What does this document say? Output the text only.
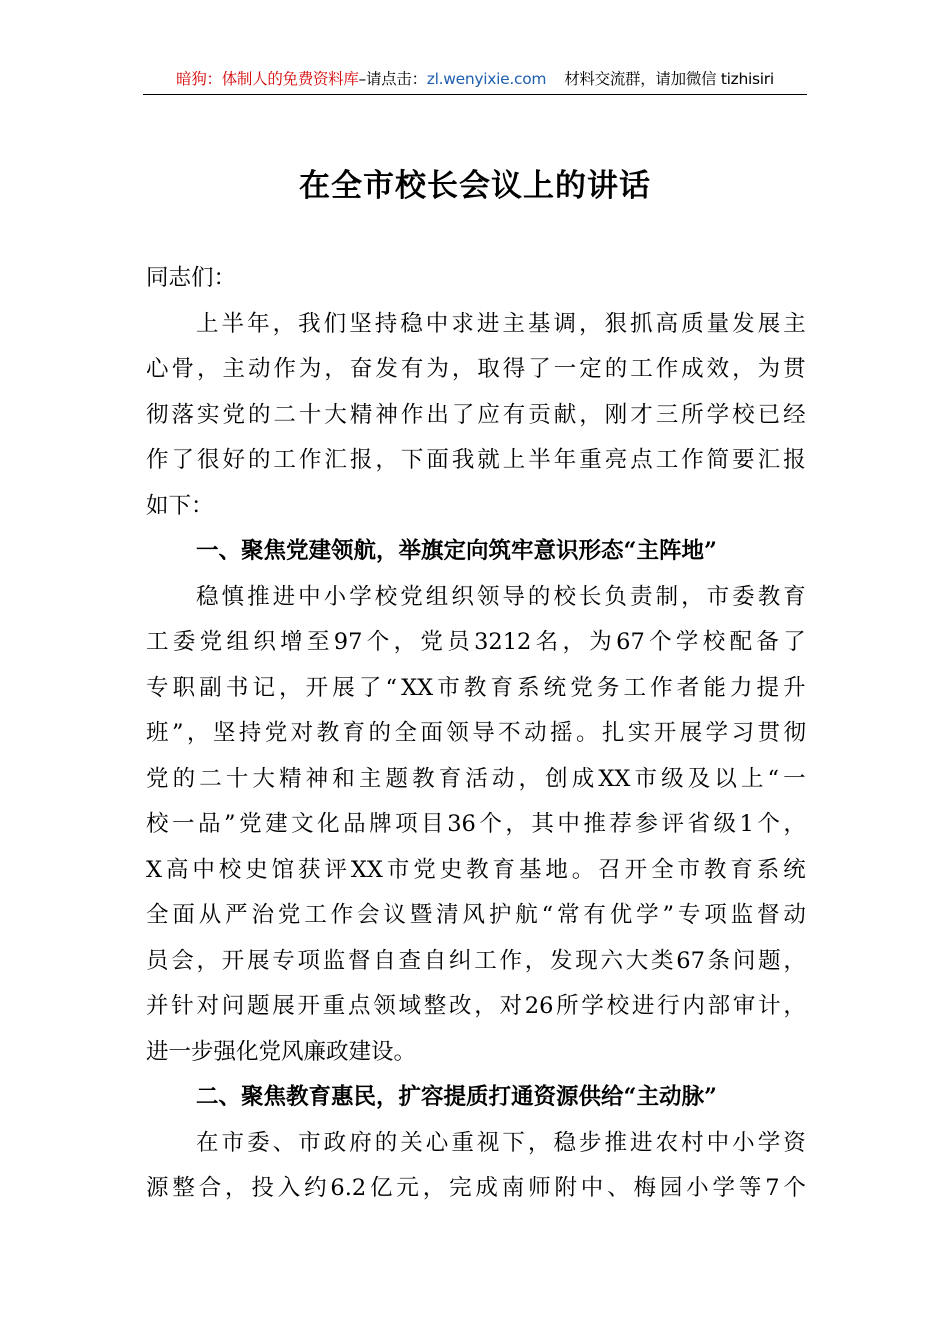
暗狗：体制人的免费资料库–请点击：zl.wenyixie.com 材料交流群，请加微信 tizhisiri
在全市校长会议上的讲话
同志们：
上 半 年 ， 我 们 坚 持 稳 中 求 进 主 基 调 ， 狠 抓 高 质 量 发 展 主
心 骨 ， 主 动 作 为 ， 奋 发 有 为 ， 取 得 了 一 定 的 工 作 成 效 ， 为 贯
彻 落 实 党 的 二 十 大 精 神 作 出 了 应 有 贡 献 ， 刚 才 三 所 学 校 已 经
作 了 很 好 的 工 作 汇 报 ， 下 面 我 就 上 半 年 重 亮 点 工 作 简 要 汇 报
如下：
一、聚焦党建领航，举旗定向筑牢意识形态“主阵地”
稳 慎 推 进 中 小 学 校 党 组 织 领 导 的 校 长 负 责 制 ， 市 委 教 育
工 委 党 组 织 增 至 97 个 ， 党 员 3212 名 ， 为 67 个 学 校 配 备 了
专 职 副 书 记 ， 开 展 了 “ XX 市 教 育 系 统 党 务 工 作 者 能 力 提 升
班 ” ， 坚 持 党 对 教 育 的 全 面 领 导 不 动 摇 。 扎 实 开 展 学 习 贯 彻
党 的 二 十 大 精 神 和 主 题 教 育 活 动 ， 创 成 XX 市 级 及 以 上 “ 一
校 一 品 ” 党 建 文 化 品 牌 项 目 36 个 ， 其 中 推 荐 参 评 省 级 1 个 ，
X 高 中 校 史 馆 获 评 XX 市 党 史 教 育 基 地 。 召 开 全 市 教 育 系 统
全 面 从 严 治 党 工 作 会 议 暨 清 风 护 航 “ 常 有 优 学 ” 专 项 监 督 动
员 会 ， 开 展 专 项 监 督 自 查 自 纠 工 作 ， 发 现 六 大 类 67 条 问 题 ，
并 针 对 问 题 展 开 重 点 领 域 整 改 ， 对 26 所 学 校 进 行 内 部 审 计 ，
进一步强化党风廉政建设。
二、聚焦教育惠民，扩容提质打通资源供给“主动脉”
在 市 委 、 市 政 府 的 关 心 重 视 下 ， 稳 步 推 进 农 村 中 小 学 资
源 整 合 ， 投 入 约 6.2 亿 元 ， 完 成 南 师 附 中 、 梅 园 小 学 等 7 个
